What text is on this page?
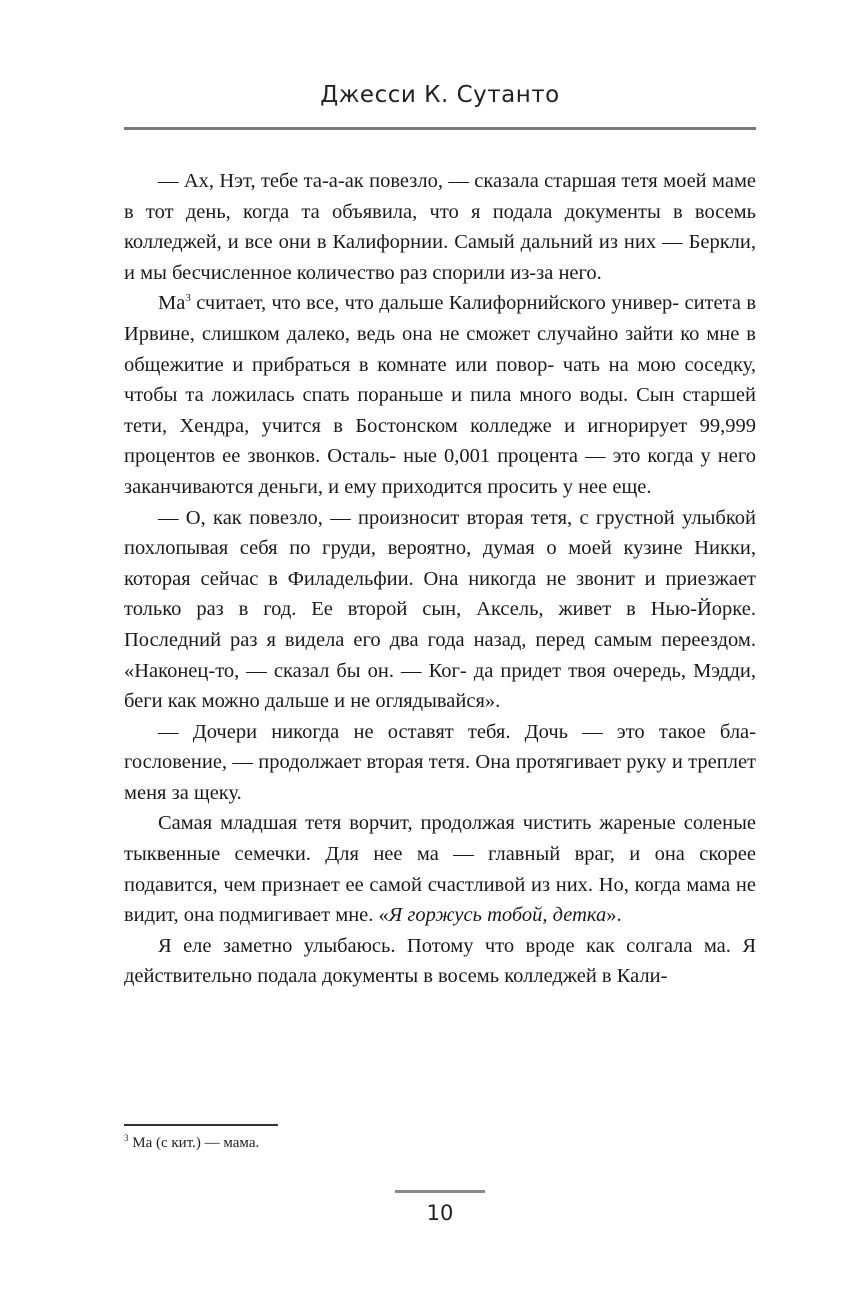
Джесси К. Сутанто

— Ах, Нэт, тебе та-а-ак повезло, — сказала старшая тетя моей маме в тот день, когда та объявила, что я подала документы в восемь колледжей, и все они в Калифорнии. Самый дальний из них — Беркли, и мы бесчисленное количество раз спорили из-за него.

$Ма^3$ считает, что все, что дальше Калифорнийского универ- ситета в Ирвине, слишком далеко, ведь она не сможет случайно зайти ко мне в общежитие и прибраться в комнате или повор- чать на мою соседку, чтобы та ложилась спать пораньше и пила много воды. Сын старшей тети, Хендра, учится в Бостонском колледже и игнорирует 99,999 процентов ее звонков. Осталь- ные 0,001 процента — это когда у него заканчиваются деньги, и ему приходится просить у нее еще.

— О, как повезло, — произносит вторая тетя, с грустной улыбкой похлопывая себя по груди, вероятно, думая о моей кузине Никки, которая сейчас в Филадельфии. Она никогда не звонит и приезжает только раз в год. Ее второй сын, Аксель, живет в Нью-Йорке. Последний раз я видела его два года назад, перед самым переездом. «Наконец-то, — сказал бы он. — Ког- да придет твоя очередь, Мэдди, беги как можно дальше и не оглядывайся».

— Дочери никогда не оставят тебя. Дочь — это такое бла- гословение, — продолжает вторая тетя. Она протягивает руку и треплет меня за щеку.

Самая младшая тетя ворчит, продолжая чистить жареные соленые тыквенные семечки. Для нее ма — главный враг, и она скорее подавится, чем признает ее самой счастливой из них. Но, когда мама не видит, она подмигивает мне. «Я горжусь тобой, детка».

Я еле заметно улыбаюсь. Потому что вроде как солгала ма. Я действительно подала документы в восемь колледжей в Кали-

$^3$ Ма (с кит.) — мама.
10
